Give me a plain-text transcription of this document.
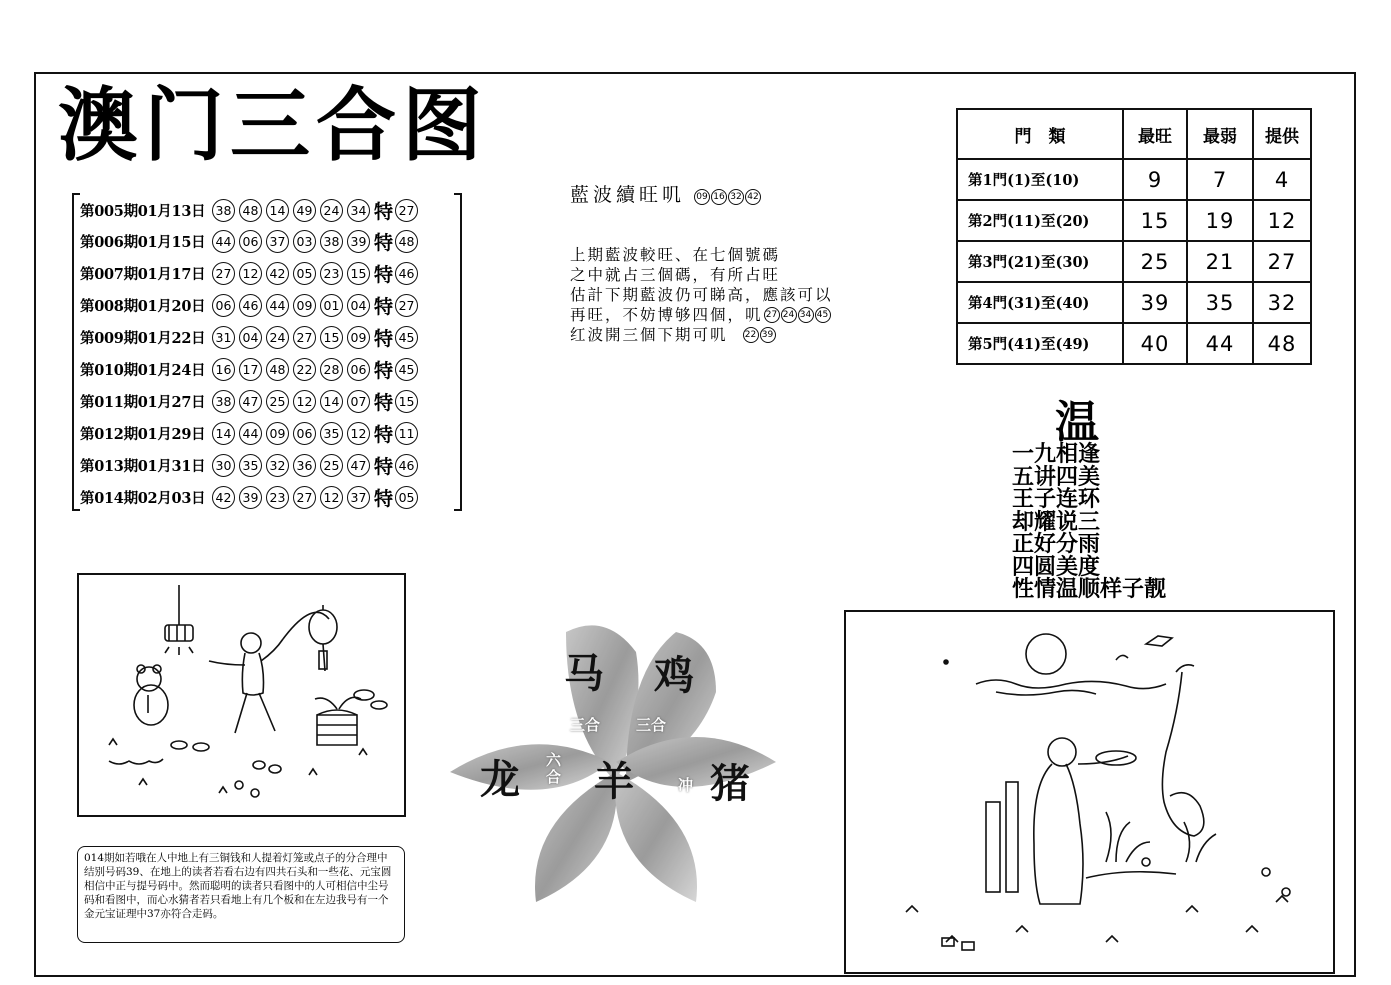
澳门三合图
第005期01月13日 38 48 14 49 24 34 特 27
第006期01月15日 44 06 37 03 38 39 特 48
第007期01月17日 27 12 42 05 23 15 特 46
第008期01月20日 06 46 44 09 01 04 特 27
第009期01月22日 31 04 24 27 15 09 特 45
第010期01月24日 16 17 48 22 28 06 特 45
第011期01月27日 38 47 25 12 14 07 特 15
第012期01月29日 14 44 09 06 35 12 特 11
第013期01月31日 30 35 32 36 25 47 特 46
第014期02月03日 42 39 23 27 12 37 特 05
藍波續旺叽	09 16 32 42
上期藍波較旺、在七個號碼
之中就占三個碼，有所占旺
估計下期藍波仍可睇高，應該可以
再旺，不妨博够四個，叽 27 24 34 45
红波開三個下期可叽 22 39
門　類	最旺	最弱	提供
第1門(1)至(10)	9	7	4
第2門(11)至(20)	15	19	12
第3門(21)至(30)	25	21	27
第4門(31)至(40)	39	35	32
第5門(41)至(49)	40	44	48
温
一九相逢
五讲四美
王子连环
却耀说三
正好分雨
四圆美度
性情温顺样子靓
014期如若哦在人中地上有三铜钱和人提着灯笼或点子的分合理中结别号码39、在地上的读者若看右边有四共石头和一些花、元宝圆相信中正与提号码中。然而聪明的读者只看图中的人可相信中尘号码和看图中，而心水猜者若只看地上有几个板和在左边我号有一个金元宝证理中37亦符合走码。
马 鸡
龙 羊 猪
三合 三合
六合	冲
